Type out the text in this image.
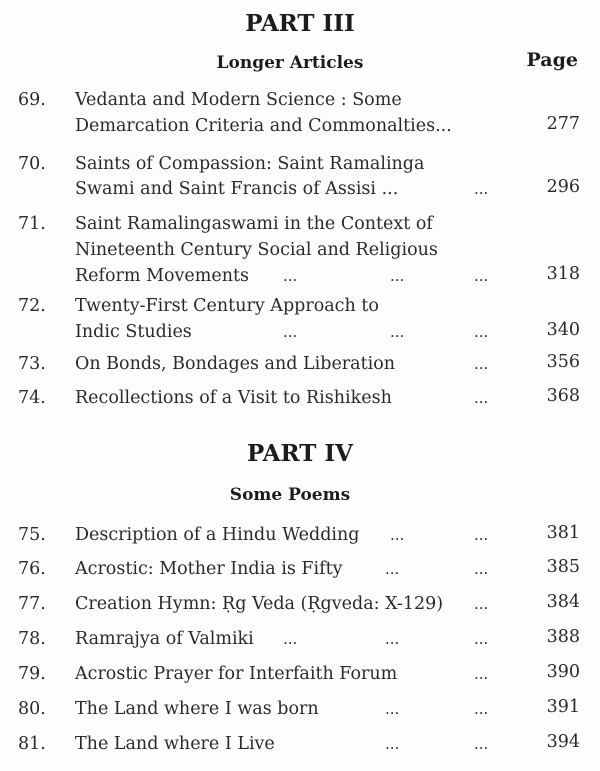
PART III
Longer Articles	Page
69. Vedanta and Modern Science : Some
Demarcation Criteria and Commonalties...	277
70. Saints of Compassion: Saint Ramalinga
Swami and Saint Francis of Assisi ...	...	296
71. Saint Ramalingaswami in the Context of
Nineteenth Century Social and Religious
Reform Movements ...	...	...	318
72. Twenty-First Century Approach to
Indic Studies	...	...	...	340
73. On Bonds, Bondages and Liberation	...	356
74. Recollections of a Visit to Rishikesh	...	368
PART IV
Some Poems
75. Description of a Hindu Wedding ...	...	381
76. Acrostic: Mother India is Fifty	...	...	385
77. Creation Hymn: Ṛg Veda (Ṛgveda: X-129) ...	384
78. Ramrajya of Valmiki ...	...	...	388
79. Acrostic Prayer for Interfaith Forum	...	390
80. The Land where I was born	...	...	391
81. The Land where I Live	...	...	394
